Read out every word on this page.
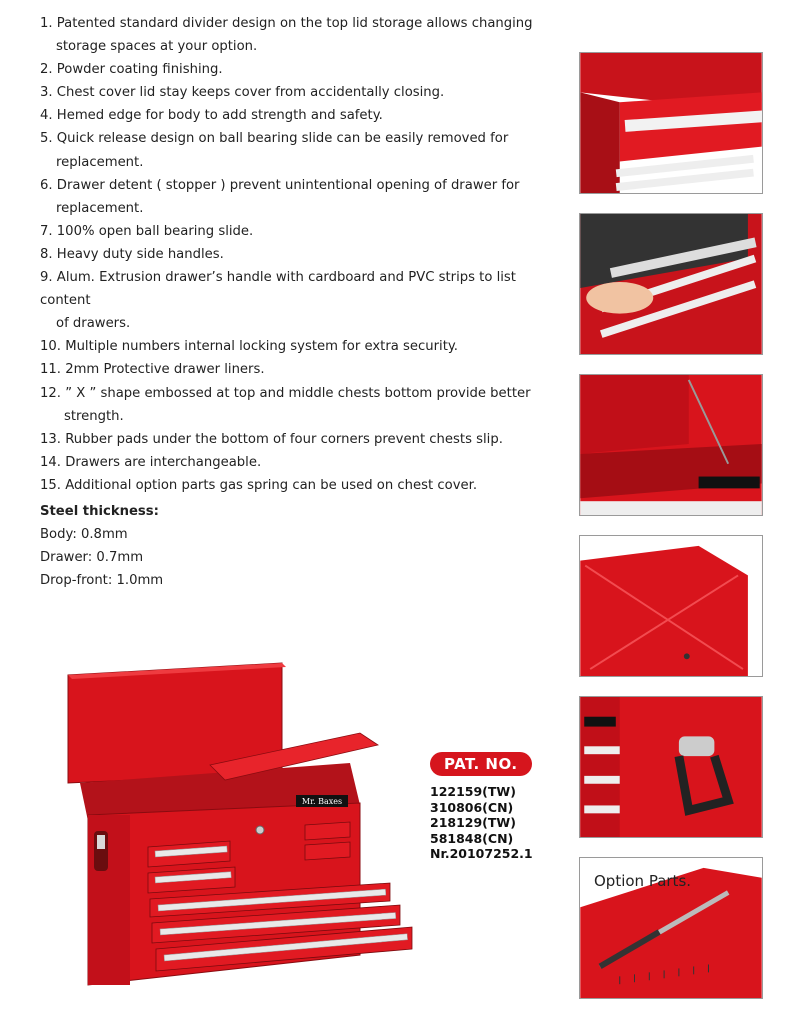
1. Patented standard divider design on the top lid storage allows changing
storage spaces at your option.
2. Powder coating finishing.
3. Chest cover lid stay keeps cover from accidentally closing.
4. Hemed edge for body to add strength and safety.
5. Quick release design on ball bearing slide can be easily removed for
replacement.
6. Drawer detent ( stopper ) prevent unintentional opening of drawer for
replacement.
7. 100% open ball bearing slide.
8. Heavy duty side handles.
9. Alum. Extrusion drawer’s handle with cardboard and PVC strips to list content
of drawers.
10. Multiple numbers internal locking system for extra security.
11. 2mm Protective drawer liners.
12. ” X ” shape embossed at top and middle chests bottom provide better
strength.
13. Rubber pads under the bottom of four corners prevent chests slip.
14. Drawers are interchangeable.
15. Additional option parts gas spring can be used on chest cover.
Steel thickness:
Body: 0.8mm
Drawer: 0.7mm
Drop-front: 1.0mm
Mr. Baxes
PAT. NO.
122159(TW)
310806(CN)
218129(TW)
581848(CN)
Nr.20107252.1
Option Parts.
